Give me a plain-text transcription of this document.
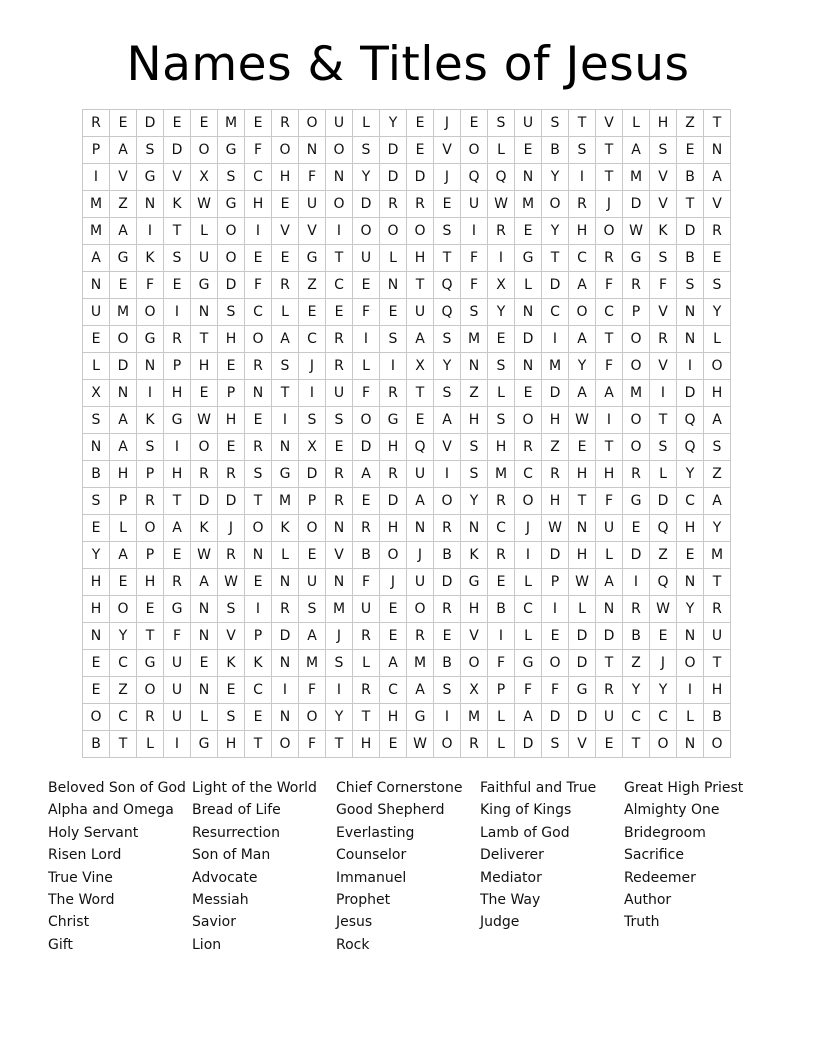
Names & Titles of Jesus
R	E	D	E	E	M	E	R	O	U	L	Y	E	J	E	S	U	S	T	V	L	H	Z	T
P	A	S	D	O	G	F	O	N	O	S	D	E	V	O	L	E	B	S	T	A	S	E	N
I	V	G	V	X	S	C	H	F	N	Y	D	D	J	Q	Q	N	Y	I	T	M	V	B	A
M	Z	N	K	W	G	H	E	U	O	D	R	R	E	U	W	M	O	R	J	D	V	T	V
M	A	I	T	L	O	I	V	V	I	O	O	O	S	I	R	E	Y	H	O	W	K	D	R
A	G	K	S	U	O	E	E	G	T	U	L	H	T	F	I	G	T	C	R	G	S	B	E
N	E	F	E	G	D	F	R	Z	C	E	N	T	Q	F	X	L	D	A	F	R	F	S	S
U	M	O	I	N	S	C	L	E	E	F	E	U	Q	S	Y	N	C	O	C	P	V	N	Y
E	O	G	R	T	H	O	A	C	R	I	S	A	S	M	E	D	I	A	T	O	R	N	L
L	D	N	P	H	E	R	S	J	R	L	I	X	Y	N	S	N	M	Y	F	O	V	I	O
X	N	I	H	E	P	N	T	I	U	F	R	T	S	Z	L	E	D	A	A	M	I	D	H
S	A	K	G	W	H	E	I	S	S	O	G	E	A	H	S	O	H	W	I	O	T	Q	A
N	A	S	I	O	E	R	N	X	E	D	H	Q	V	S	H	R	Z	E	T	O	S	Q	S
B	H	P	H	R	R	S	G	D	R	A	R	U	I	S	M	C	R	H	H	R	L	Y	Z
S	P	R	T	D	D	T	M	P	R	E	D	A	O	Y	R	O	H	T	F	G	D	C	A
E	L	O	A	K	J	O	K	O	N	R	H	N	R	N	C	J	W	N	U	E	Q	H	Y
Y	A	P	E	W	R	N	L	E	V	B	O	J	B	K	R	I	D	H	L	D	Z	E	M
H	E	H	R	A	W	E	N	U	N	F	J	U	D	G	E	L	P	W	A	I	Q	N	T
H	O	E	G	N	S	I	R	S	M	U	E	O	R	H	B	C	I	L	N	R	W	Y	R
N	Y	T	F	N	V	P	D	A	J	R	E	R	E	V	I	L	E	D	D	B	E	N	U
E	C	G	U	E	K	K	N	M	S	L	A	M	B	O	F	G	O	D	T	Z	J	O	T
E	Z	O	U	N	E	C	I	F	I	R	C	A	S	X	P	F	F	G	R	Y	Y	I	H
O	C	R	U	L	S	E	N	O	Y	T	H	G	I	M	L	A	D	D	U	C	C	L	B
B	T	L	I	G	H	T	O	F	T	H	E	W	O	R	L	D	S	V	E	T	O	N	O
Beloved Son of God
Alpha and Omega
Holy Servant
Risen Lord
True Vine
The Word
Christ
Gift
Light of the World
Bread of Life
Resurrection
Son of Man
Advocate
Messiah
Savior
Lion
Chief Cornerstone
Good Shepherd
Everlasting
Counselor
Immanuel
Prophet
Jesus
Rock
Faithful and True
King of Kings
Lamb of God
Deliverer
Mediator
The Way
Judge
Great High Priest
Almighty One
Bridegroom
Sacrifice
Redeemer
Author
Truth
